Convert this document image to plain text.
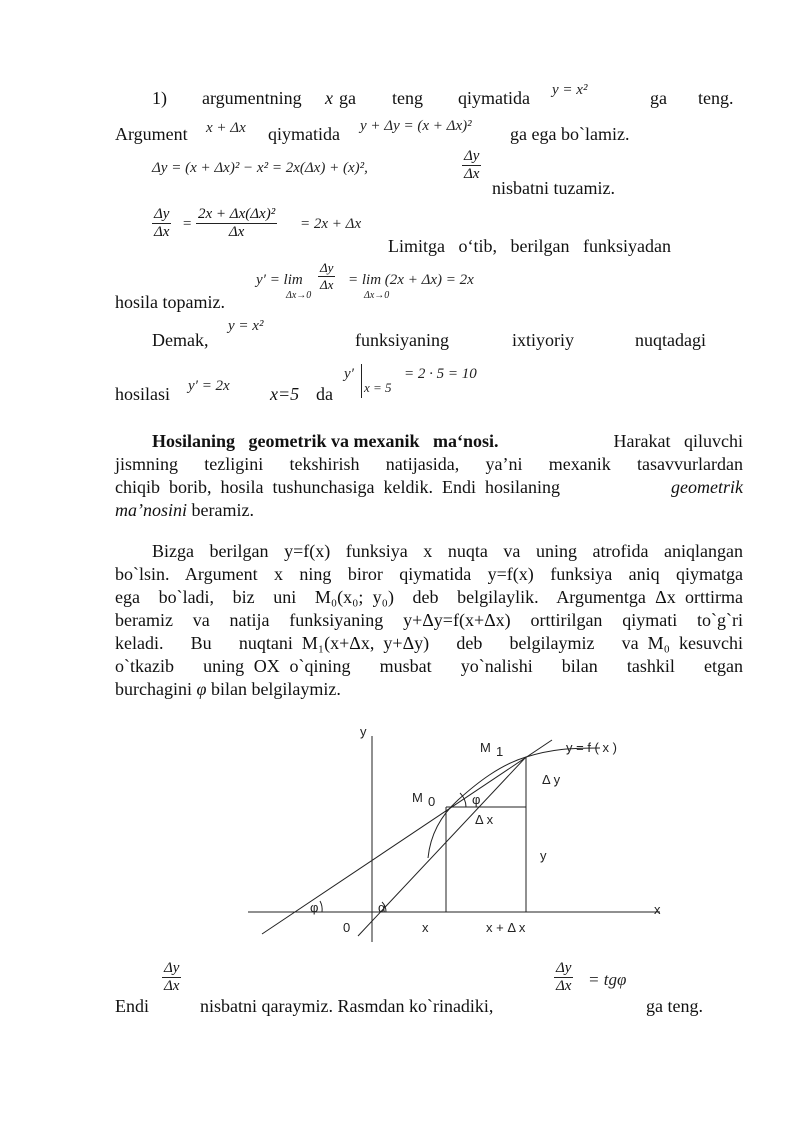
1) argumentning x ga teng qiymatida y = x²	ga teng.
Argument x + Δx qiymatida y + Δy = (x + Δx)² ga ega bo`lamiz.
Δy = (x + Δx)² − x² = 2x(Δx) + (x)²,	$\frac{\Delta y}{\Delta x}$
nisbatni tuzamiz.
$\frac{\Delta y}{\Delta x} = \frac{\text{2x + Δx(Δx)²}}{\Delta x} = 2x + \Delta x$
Limitga   o‘tib,   berilgan   funksiyadan
hosila topamiz.
$y' = \lim \frac{\Delta y}{\Delta x} = \lim (2x + \Delta x) = 2x$
Δx→0	Δx→0
Demak,
y = x²
funksiyaning	ixtiyoriy	nuqtadagi
hosilasi y′ = 2x x=5 da
y′
x = 5
= 2 · 5 = 10
Hosilaning   geometrik va mexanik   ma‘nosi.	Harakat   qiluvchi
jismning  tezligini  tekshirish  natijasida,  ya’ni  mexanik  tasavvurlardan
chiqib  borib,  hosila  tushunchasiga  keldik.  Endi  hosilaning	geometrik
ma’nosini beramiz.
Bizga berilgan y=f(x) funksiya x nuqta va uning atrofida aniqlangan
bo`lsin. Argument x ning biror qiymatida y=f(x) funksiya aniq qiymatga
ega  bo`ladi,  biz  uni  M₀(x₀; y₀)  deb  belgilaylik.  Argumentga Δx orttirma
beramiz va natija funksiyaning y+Δy=f(x+Δx) orttirilgan qiymati to`g`ri
keladi.   Bu   nuqtani M₁(x+Δx, y+Δy)   deb   belgilaymiz   va M₀ kesuvchi
o`tkazib   uning OX o`qining   musbat   yo`nalishi   bilan   tashkil   etgan
burchagini φ bilan belgilaymiz.
y
x
0
M 1
M 0
y = f ( x )
Δ y
Δ x
y
φ
φ	α
x	x + Δ x
$\frac{\Delta y}{\Delta x}$
Endi	nisbatni qaraymiz. Rasmdan ko`rinadiki,
$\frac{\Delta y}{\Delta x} = tg\varphi$
ga teng.
